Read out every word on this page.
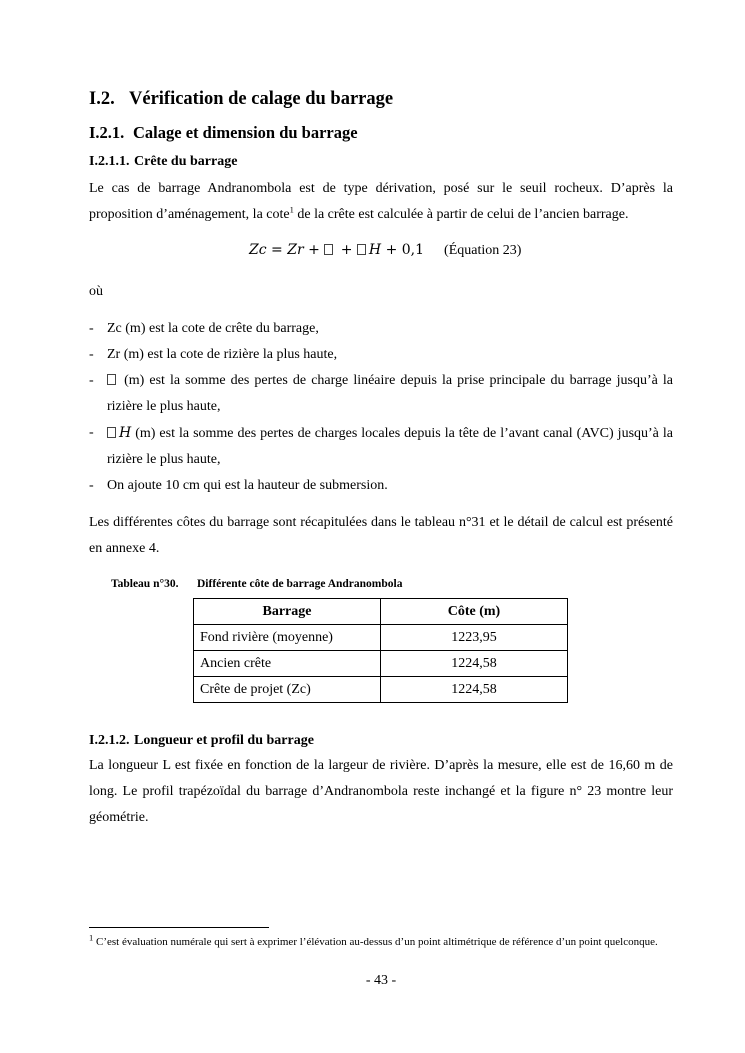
I.2. Vérification de calage du barrage
I.2.1. Calage et dimension du barrage
I.2.1.1. Crête du barrage

Le cas de barrage Andranombola est de type dérivation, posé sur le seuil rocheux. D’après la proposition d’aménagement, la cote$^1$ de la crête est calculée à partir de celui de l’ancien barrage.

Zc = Zr +  + H + 0,1 (Équation 23)
où
- Zc (m) est la cote de crête du barrage,
- Zr (m) est la cote de rizière la plus haute,
- (m) est la somme des pertes de charge linéaire depuis la prise principale du barrage jusqu’à la rizière le plus haute,
- H (m) est la somme des pertes de charges locales depuis la tête de l’avant canal (AVC) jusqu’à la rizière le plus haute,
- On ajoute 10 cm qui est la hauteur de submersion.

Les différentes côtes du barrage sont récapitulées dans le tableau n°31 et le détail de calcul est présenté en annexe 4.

Tableau n°30. Différente côte de barrage Andranombola
Barrage	Côte (m)
Fond rivière (moyenne)	1223,95
Ancien crête	1224,58
Crête de projet (Zc)	1224,58
I.2.1.2. Longueur et profil du barrage

La longueur L est fixée en fonction de la largeur de rivière. D’après la mesure, elle est de 16,60 m de long. Le profil trapézoïdal du barrage d’Andranombola reste inchangé et la figure n° 23 montre leur géométrie.

$^1$ C’est évaluation numérale qui sert à exprimer l’élévation au-dessus d’un point altimétrique de référence d’un point quelconque.
- 43 -
